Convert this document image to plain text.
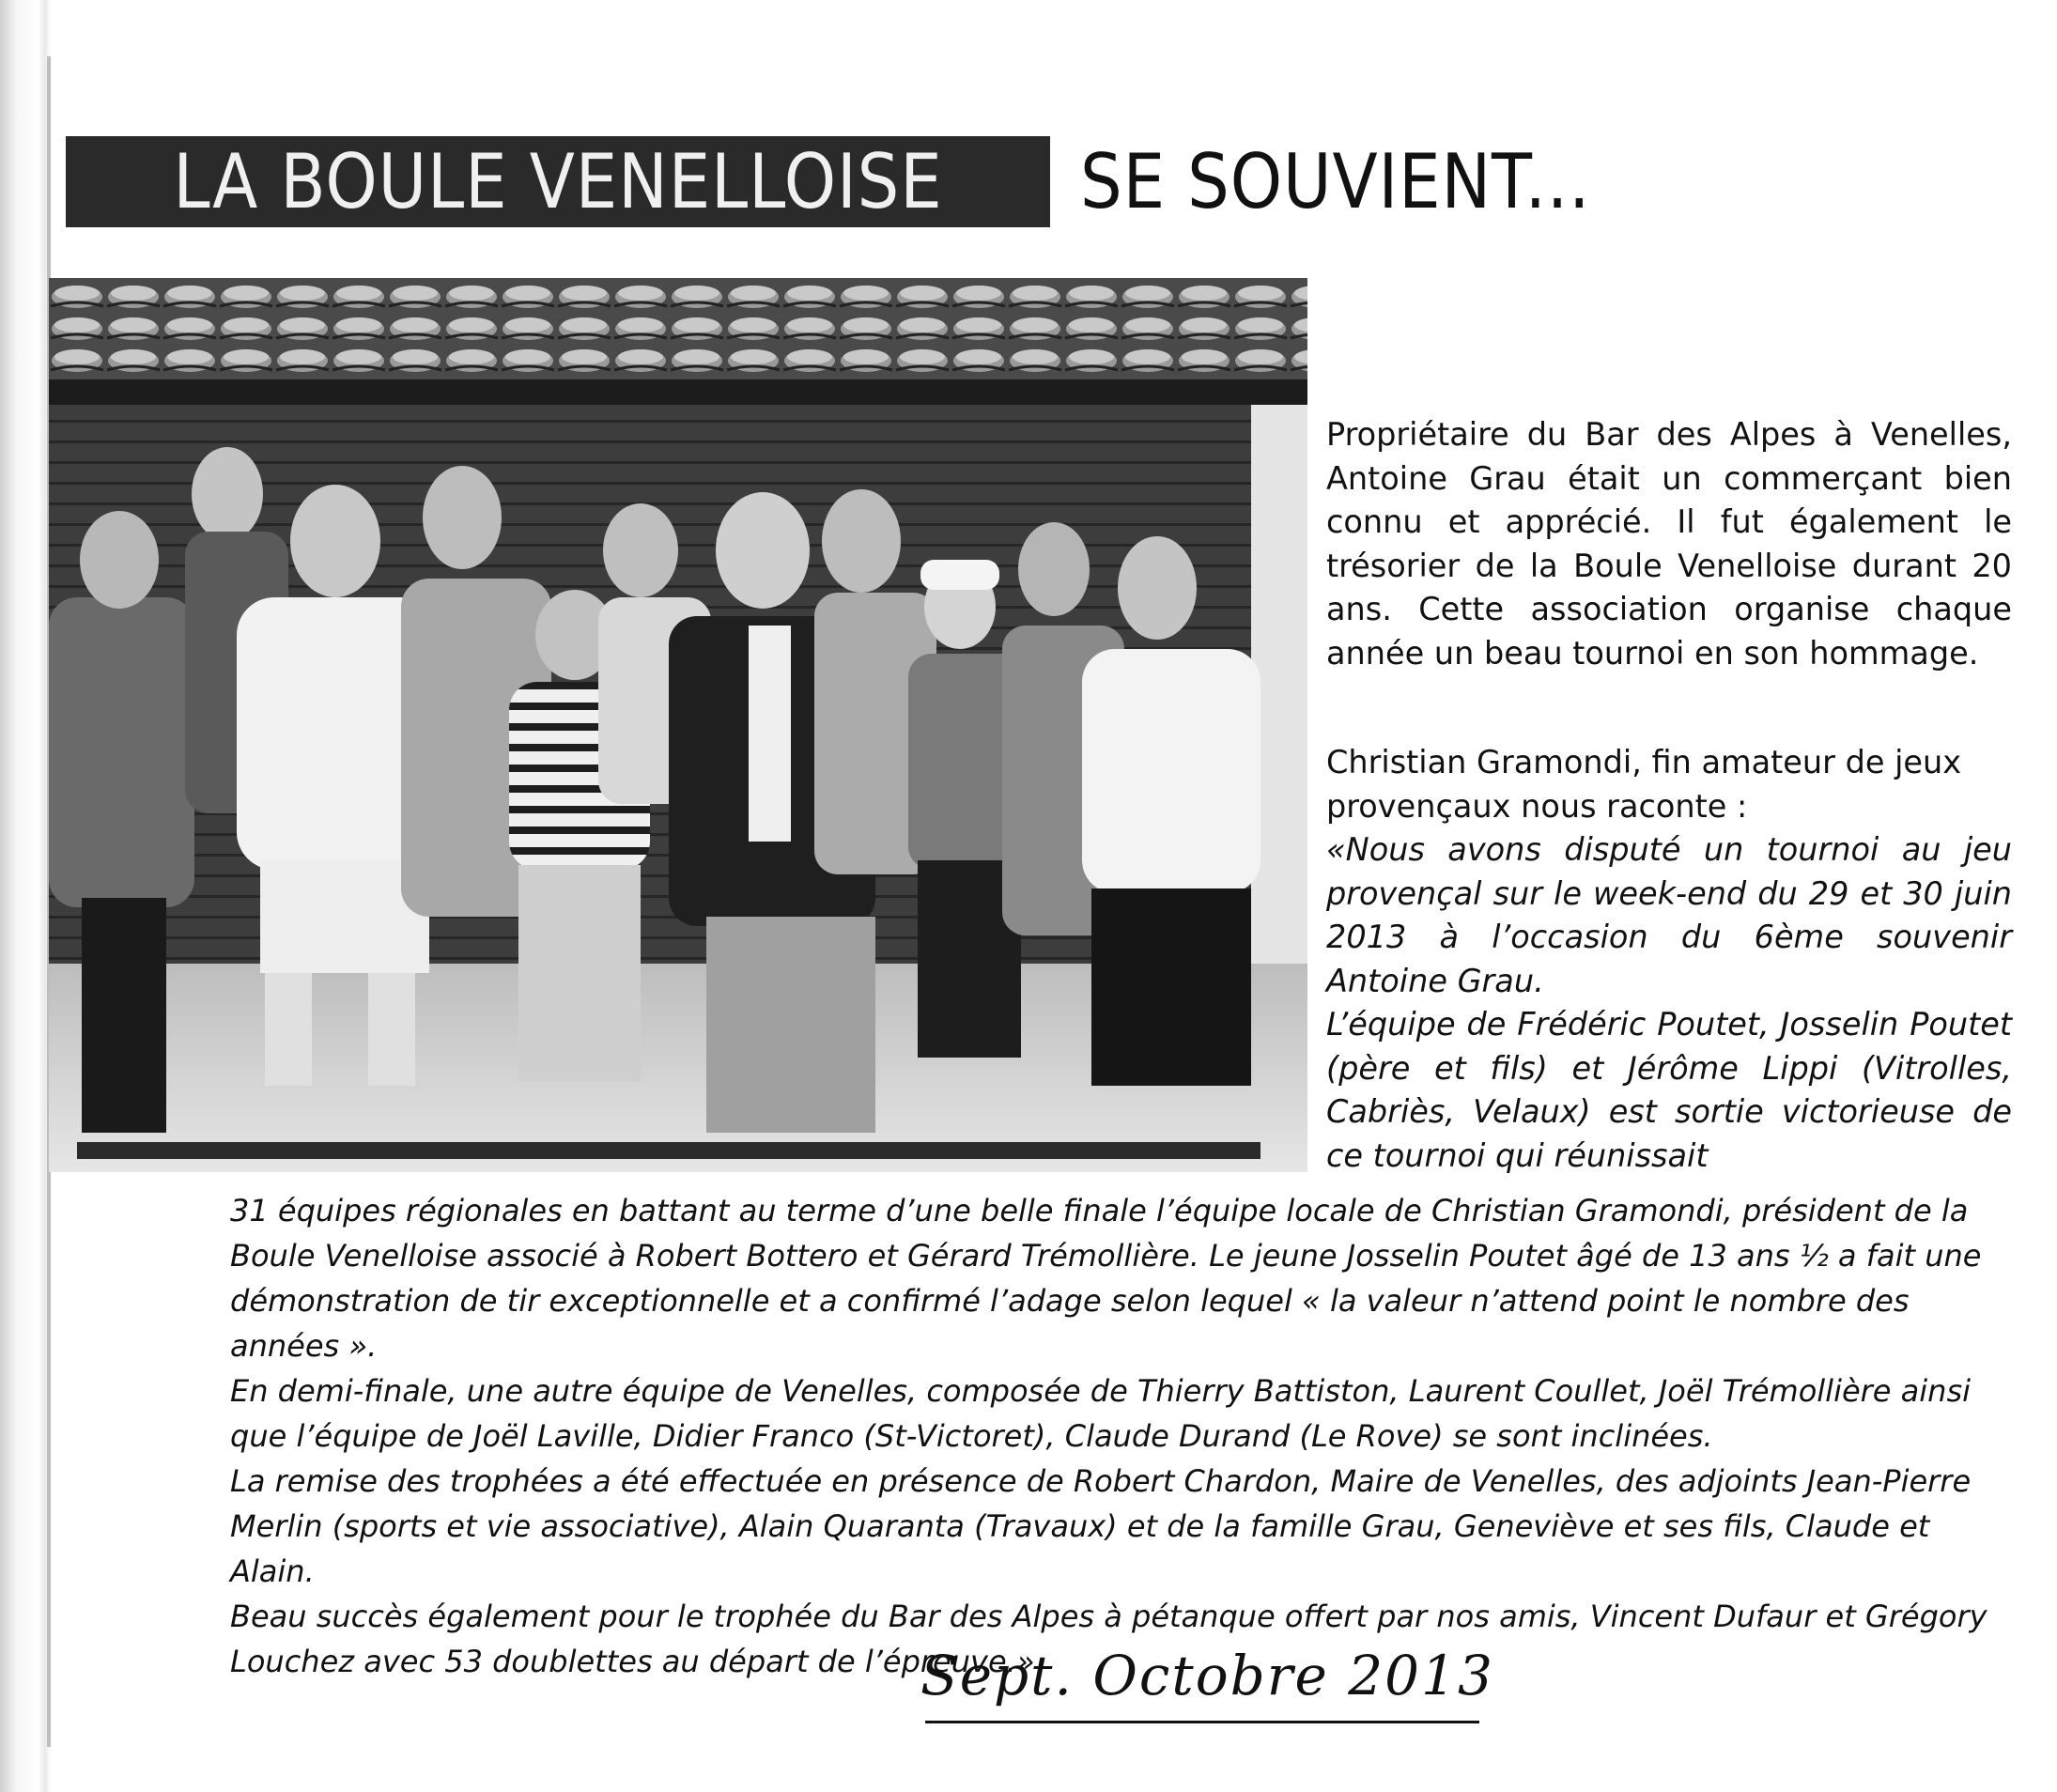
LA BOULE VENELLOISE	SE SOUVIENT...

Propriétaire du Bar des Alpes à Venelles, Antoine Grau était un commerçant bien connu et apprécié. Il fut également le trésorier de la Boule Venelloise durant 20 ans. Cette association organise chaque année un beau tournoi en son hommage.

Christian Gramondi, fin amateur de jeux provençaux nous raconte :

«Nous avons disputé un tournoi au jeu provençal sur le week-end du 29 et 30 juin 2013 à l’occasion du 6ème souvenir Antoine Grau.

L’équipe de Frédéric Poutet, Josselin Poutet (père et fils) et Jérôme Lippi (Vitrolles, Cabriès, Velaux) est sortie victorieuse de ce tournoi qui réunissait

31 équipes régionales en battant au terme d’une belle finale l’équipe locale de Christian Gramondi, président de la Boule Venelloise associé à Robert Bottero et Gérard Trémollière. Le jeune Josselin Poutet âgé de 13 ans ½ a fait une démonstration de tir exceptionnelle et a confirmé l’adage selon lequel « la valeur n’attend point le nombre des années ».

En demi-finale, une autre équipe de Venelles, composée de Thierry Battiston, Laurent Coullet, Joël Trémollière ainsi que l’équipe de Joël Laville, Didier Franco (St-Victoret), Claude Durand (Le Rove) se sont inclinées.

La remise des trophées a été effectuée en présence de Robert Chardon, Maire de Venelles, des adjoints Jean-Pierre Merlin (sports et vie associative), Alain Quaranta (Travaux) et de la famille Grau, Geneviève et ses fils, Claude et Alain.

Beau succès également pour le trophée du Bar des Alpes à pétanque offert par nos amis, Vincent Dufaur et Grégory Louchez avec 53 doublettes au départ de l’épreuve.»

Sept. Octobre 2013
